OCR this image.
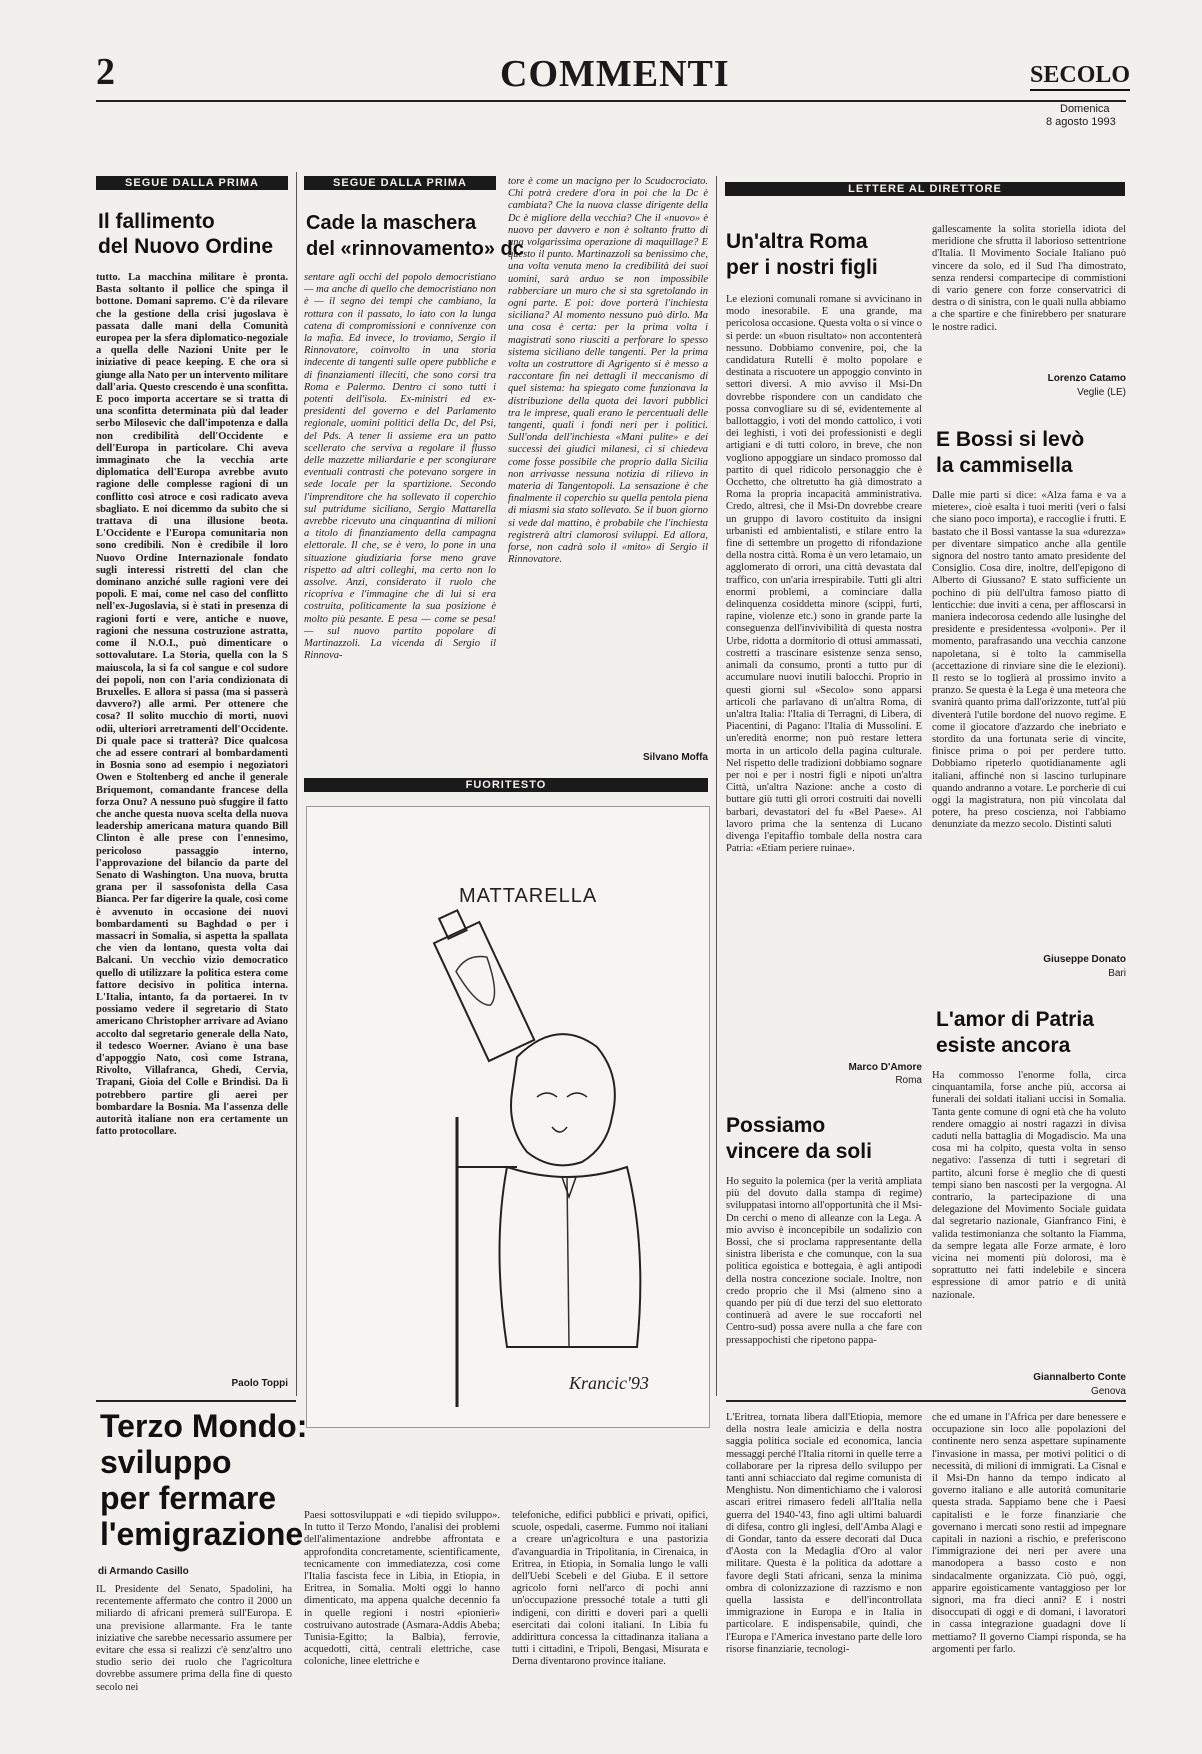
2	COMMENTI	SECOLO
Domenica
8 agosto 1993
SEGUE DALLA PRIMA
Il fallimento
del Nuovo Ordine
tutto. La macchina militare è pronta. Basta soltanto il pollice che spinga il bottone. Domani sapremo. C'è da rilevare che la gestione della crisi jugoslava è passata dalle mani della Comunità europea per la sfera diplomatico-negoziale a quella delle Nazioni Unite per le iniziative di peace keeping. E che ora si giunge alla Nato per un intervento militare dall'aria. Questo crescendo è una sconfitta. E poco importa accertare se si tratta di una sconfitta determinata più dal leader serbo Milosevic che dall'impotenza e dalla non credibilità dell'Occidente e dell'Europa in particolare. Chi aveva immaginato che la vecchia arte diplomatica dell'Europa avrebbe avuto ragione delle complesse ragioni di un conflitto così atroce e così radicato aveva sbagliato. E noi dicemmo da subito che si trattava di una illusione beota. L'Occidente e l'Europa comunitaria non sono credibili. Non è credibile il loro Nuovo Ordine Internazionale fondato sugli interessi ristretti del clan che dominano anziché sulle ragioni vere dei popoli. E mai, come nel caso del conflitto nell'ex-Jugoslavia, si è stati in presenza di ragioni forti e vere, antiche e nuove, ragioni che nessuna costruzione astratta, come il N.O.I., può dimenticare o sottovalutare. La Storia, quella con la S maiuscola, la si fa col sangue e col sudore dei popoli, non con l'aria condizionata di Bruxelles. E allora si passa (ma si passerà davvero?) alle armi. Per ottenere che cosa? Il solito mucchio di morti, nuovi odii, ulteriori arretramenti dell'Occidente. Di quale pace si tratterà? Dice qualcosa che ad essere contrari al bombardamenti in Bosnia sono ad esempio i negoziatori Owen e Stoltenberg ed anche il generale Briquemont, comandante francese della forza Onu? A nessuno può sfuggire il fatto che anche questa nuova scelta della nuova leadership americana matura quando Bill Clinton è alle prese con l'ennesimo, pericoloso passaggio interno, l'approvazione del bilancio da parte del Senato di Washington. Una nuova, brutta grana per il sassofonista della Casa Bianca. Per far digerire la quale, così come è avvenuto in occasione dei nuovi bombardamenti su Baghdad o per i massacri in Somalia, si aspetta la spallata che vien da lontano, questa volta dai Balcani. Un vecchio vizio democratico quello di utilizzare la politica estera come fattore decisivo in politica interna. L'Italia, intanto, fa da portaerei. In tv possiamo vedere il segretario di Stato americano Christopher arrivare ad Aviano accolto dal segretario generale della Nato, il tedesco Woerner. Aviano è una base d'appoggio Nato, così come Istrana, Rivolto, Villafranca, Ghedi, Cervia, Trapani, Gioia del Colle e Brindisi. Da lì potrebbero partire gli aerei per bombardare la Bosnia. Ma l'assenza delle autorità italiane non era certamente un fatto protocollare.
Paolo Toppi
SEGUE DALLA PRIMA
Cade la maschera
del «rinnovamento» dc
sentare agli occhi del popolo democristiano — ma anche di quello che democristiano non è — il segno dei tempi che cambiano, la rottura con il passato, lo iato con la lunga catena di compromissioni e connivenze con la mafia. Ed invece, lo troviamo, Sergio il Rinnovatore, coinvolto in una storia indecente di tangenti sulle opere pubbliche e di finanziamenti illeciti, che sono corsi tra Roma e Palermo. Dentro ci sono tutti i potenti dell'isola. Ex-ministri ed ex-presidenti del governo e del Parlamento regionale, uomini politici della Dc, del Psi, del Pds. A tener li assieme era un patto scellerato che serviva a regolare il flusso delle mazzette miliardarie e per scongiurare eventuali contrasti che potevano sorgere in sede locale per la spartizione. Secondo l'imprenditore che ha sollevato il coperchio sul putridume siciliano, Sergio Mattarella avrebbe ricevuto una cinquantina di milioni a titolo di finanziamento della campagna elettorale. Il che, se è vero, lo pone in una situazione giudiziaria forse meno grave rispetto ad altri colleghi, ma certo non lo assolve. Anzi, considerato il ruolo che ricopriva e l'immagine che di lui si era costruita, politicamente la sua posizione è molto più pesante. E pesa — come se pesa! — sul nuovo partito popolare di Martinazzoli. La vicenda di Sergio il Rinnova-
tore è come un macigno per lo Scudocrociato. Chi potrà credere d'ora in poi che la Dc è cambiata? Che la nuova classe dirigente della Dc è migliore della vecchia? Che il «nuovo» è nuovo per davvero e non è soltanto frutto di una volgarissima operazione di maquillage? E questo il punto. Martinazzoli sa benissimo che, una volta venuta meno la credibilità dei suoi uomini, sarà arduo se non impossibile rabberciare un muro che si sta sgretolando in ogni parte. E poi: dove porterà l'inchiesta siciliana? Al momento nessuno può dirlo. Ma una cosa è certa: per la prima volta i magistrati sono riusciti a perforare lo spesso sistema siciliano delle tangenti. Per la prima volta un costruttore di Agrigento si è messo a raccontare fin nei dettagli il meccanismo di quel sistema: ha spiegato come funzionava la distribuzione della quota dei lavori pubblici tra le imprese, quali erano le percentuali delle tangenti, quali i fondi neri per i politici. Sull'onda dell'inchiesta «Mani pulite» e dei successi dei giudici milanesi, ci si chiedeva come fosse possibile che proprio dalla Sicilia non arrivasse nessuna notizia di rilievo in materia di Tangentopoli. La sensazione è che finalmente il coperchio su quella pentola piena di miasmi sia stato sollevato. Se il buon giorno si vede dal mattino, è probabile che l'inchiesta registrerà altri clamorosi sviluppi. Ed allora, forse, non cadrà solo il «mito» di Sergio il Rinnovatore.
Silvano Moffa
FUORITESTO
MATTARELLA
Krancic'93
LETTERE AL DIRETTORE
Un'altra Roma
per i nostri figli
Le elezioni comunali romane si avvicinano in modo inesorabile. E una grande, ma pericolosa occasione. Questa volta o si vince o si perde: un «buon risultato» non accontenterà nessuno. Dobbiamo convenire, poi, che la candidatura Rutelli è molto popolare e destinata a riscuotere un appoggio convinto in settori diversi. A mio avviso il Msi-Dn dovrebbe rispondere con un candidato che possa convogliare su di sé, evidentemente al ballottaggio, i voti del mondo cattolico, i voti dei leghisti, i voti dei professionisti e degli artigiani e di tutti coloro, in breve, che non vogliono appoggiare un sindaco promosso dal partito di quel ridicolo personaggio che è Occhetto, che oltretutto ha già dimostrato a Roma la propria incapacità amministrativa. Credo, altresì, che il Msi-Dn dovrebbe creare un gruppo di lavoro costituito da insigni urbanisti ed ambientalisti, e stilare entro la fine di settembre un progetto di rifondazione della nostra città. Roma è un vero letamaio, un agglomerato di orrori, una città devastata dal traffico, con un'aria irrespirabile. Tutti gli altri enormi problemi, a cominciare dalla delinquenza cosiddetta minore (scippi, furti, rapine, violenze etc.) sono in grande parte la conseguenza dell'invivibilità di questa nostra Urbe, ridotta a dormitorio di ottusi ammassati, costretti a trascinare esistenze senza senso, animali da consumo, pronti a tutto pur di accumulare nuovi inutili balocchi. Proprio in questi giorni sul «Secolo» sono apparsi articoli che parlavano di un'altra Roma, di un'altra Italia: l'Italia di Terragni, di Libera, di Piacentini, di Pagano: l'Italia di Mussolini. E un'eredità enorme; non può restare lettera morta in un articolo della pagina culturale. Nel rispetto delle tradizioni dobbiamo sognare per noi e per i nostri figli e nipoti un'altra Città, un'altra Nazione: anche a costo di buttare giù tutti gli orrori costruiti dai novelli barbari, devastatori del fu «Bel Paese». Al lavoro prima che la sentenza di Lucano divenga l'epitaffio tombale della nostra cara Patria: «Etiam periere ruinae».
Marco D'Amore
Roma
Possiamo
vincere da soli
Ho seguito la polemica (per la verità ampliata più del dovuto dalla stampa di regime) sviluppatasi intorno all'opportunità che il Msi-Dn cerchi o meno di alleanze con la Lega. A mio avviso è inconcepibile un sodalizio con Bossi, che si proclama rappresentante della sinistra liberista e che comunque, con la sua politica egoistica e bottegaia, è agli antipodi della nostra concezione sociale. Inoltre, non credo proprio che il Msi (almeno sino a quando per più di due terzi del suo elettorato continuerà ad avere le sue roccaforti nel Centro-sud) possa avere nulla a che fare con pressappochisti che ripetono pappa-
gallescamente la solita storiella idiota del meridione che sfrutta il laborioso settentrione d'Italia. Il Movimento Sociale Italiano può vincere da solo, ed il Sud l'ha dimostrato, senza rendersi compartecipe di commistioni di vario genere con forze conservatrici di destra o di sinistra, con le quali nulla abbiamo a che spartire e che finirebbero per snaturare le nostre radici.
Lorenzo Catamo
Veglie (LE)
E Bossi si levò
la cammisella
Dalle mie parti si dice: «Alza fama e va a mietere», cioè esalta i tuoi meriti (veri o falsi che siano poco importa), e raccoglie i frutti. E bastato che il Bossi vantasse la sua «durezza» per diventare simpatico anche alla gentile signora del nostro tanto amato presidente del Consiglio. Cosa dire, inoltre, dell'epigono di Alberto di Giussano? E stato sufficiente un pochino di più dell'ultra famoso piatto di lenticchie: due inviti a cena, per affloscarsi in maniera indecorosa cedendo alle lusinghe del presidente e presidentessa «volponi». Per il momento, parafrasando una vecchia canzone napoletana, si è tolto la cammisella (accettazione di rinviare sine die le elezioni). Il resto se lo toglierà al prossimo invito a pranzo. Se questa è la Lega è una meteora che svanirà quanto prima dall'orizzonte, tutt'al più diventerà l'utile bordone del nuovo regime. E come il giocatore d'azzardo che inebriato e stordito da una fortunata serie di vincite, finisce prima o poi per perdere tutto. Dobbiamo ripeterlo quotidianamente agli italiani, affinché non si lascino turlupinare quando andranno a votare. Le porcherie di cui oggi la magistratura, non più vincolata dal potere, ha preso coscienza, noi l'abbiamo denunziate da mezzo secolo. Distinti saluti
Giuseppe Donato
Bari
L'amor di Patria
esiste ancora
Ha commosso l'enorme folla, circa cinquantamila, forse anche più, accorsa ai funerali dei soldati italiani uccisi in Somalia. Tanta gente comune di ogni età che ha voluto rendere omaggio ai nostri ragazzi in divisa caduti nella battaglia di Mogadiscio. Ma una cosa mi ha colpito, questa volta in senso negativo: l'assenza di tutti i segretari di partito, alcuni forse è meglio che di questi tempi siano ben nascosti per la vergogna. Al contrario, la partecipazione di una delegazione del Movimento Sociale guidata dal segretario nazionale, Gianfranco Fini, è valida testimonianza che soltanto la Fiamma, da sempre legata alle Forze armate, è loro vicina nei momenti più dolorosi, ma è soprattutto nei fatti indelebile e sincera espressione di amor patrio e di unità nazionale.
Giannalberto Conte
Genova
Terzo Mondo:
sviluppo
per fermare
l'emigrazione
di Armando Casillo
IL Presidente del Senato, Spadolini, ha recentemente affermato che contro il 2000 un miliardo di africani premerà sull'Europa. E una previsione allarmante. Fra le tante iniziative che sarebbe necessario assumere per evitare che essa si realizzi c'è senz'altro uno studio serio dei ruolo che l'agricoltura dovrebbe assumere prima della fine di questo secolo nei
Paesi sottosviluppati e «di tiepido sviluppo». In tutto il Terzo Mondo, l'analisi dei problemi dell'alimentazione andrebbe affrontata e approfondita concretamente, scientificamente, tecnicamente con immediatezza, così come l'Italia fascista fece in Libia, in Etiopia, in Eritrea, in Somalia. Molti oggi lo hanno dimenticato, ma appena qualche decennio fa in quelle regioni i nostri «pionieri» costruivano autostrade (Asmara-Addis Abeba; Tunisia-Egitto; la Balbia), ferrovie, acquedotti, città, centrali elettriche, case coloniche, linee elettriche e
telefoniche, edifici pubblici e privati, opifici, scuole, ospedali, caserme. Fummo noi italiani a creare un'agricoltura e una pastorizia d'avanguardia in Tripolitania, in Cirenaica, in Eritrea, in Etiopia, in Somalia lungo le valli dell'Uebi Scebeli e del Giuba. E il settore agricolo fornì nell'arco di pochi anni un'occupazione pressoché totale a tutti gli indigeni, con diritti e doveri pari a quelli esercitati dai coloni italiani. In Libia fu addirittura concessa la cittadinanza italiana a tutti i cittadini, e Tripoli, Bengasi, Misurata e Derna diventarono province italiane.
L'Eritrea, tornata libera dall'Etiopia, memore della nostra leale amicizia e della nostra saggia politica sociale ed economica, lancia messaggi perché l'Italia ritorni in quelle terre a collaborare per la ripresa dello sviluppo per tanti anni schiacciato dal regime comunista di Menghistu. Non dimentichiamo che i valorosi ascari eritrei rimasero fedeli all'Italia nella guerra del 1940-'43, fino agli ultimi baluardi di difesa, contro gli inglesi, dell'Amba Alagi e di Gondar, tanto da essere decorati dal Duca d'Aosta con la Medaglia d'Oro al valor militare. Questa è la politica da adottare a favore degli Stati africani, senza la minima ombra di colonizzazione di razzismo e non quella lassista e dell'incontrollata immigrazione in Europa e in Italia in particolare. E indispensabile, quindi, che l'Europa e l'America investano parte delle loro risorse finanziarie, tecnologi-
che ed umane in l'Africa per dare benessere e occupazione sin loco alle popolazioni del continente nero senza aspettare supinamente l'invasione in massa, per motivi politici o di necessità, di milioni di immigrati. La Cisnal e il Msi-Dn hanno da tempo indicato al governo italiano e alle autorità comunitarie questa strada. Sappiamo bene che i Paesi capitalisti e le forze finanziarie che governano i mercati sono restii ad impegnare capitali in nazioni a rischio, e preferiscono l'immigrazione dei neri per avere una manodopera a basso costo e non sindacalmente organizzata. Ciò può, oggi, apparire egoisticamente vantaggioso per lor signori, ma fra dieci anni? E i nostri disoccupati di oggi e di domani, i lavoratori in cassa integrazione guadagni dove li mettiamo? Il governo Ciampi risponda, se ha argomenti per farlo.
